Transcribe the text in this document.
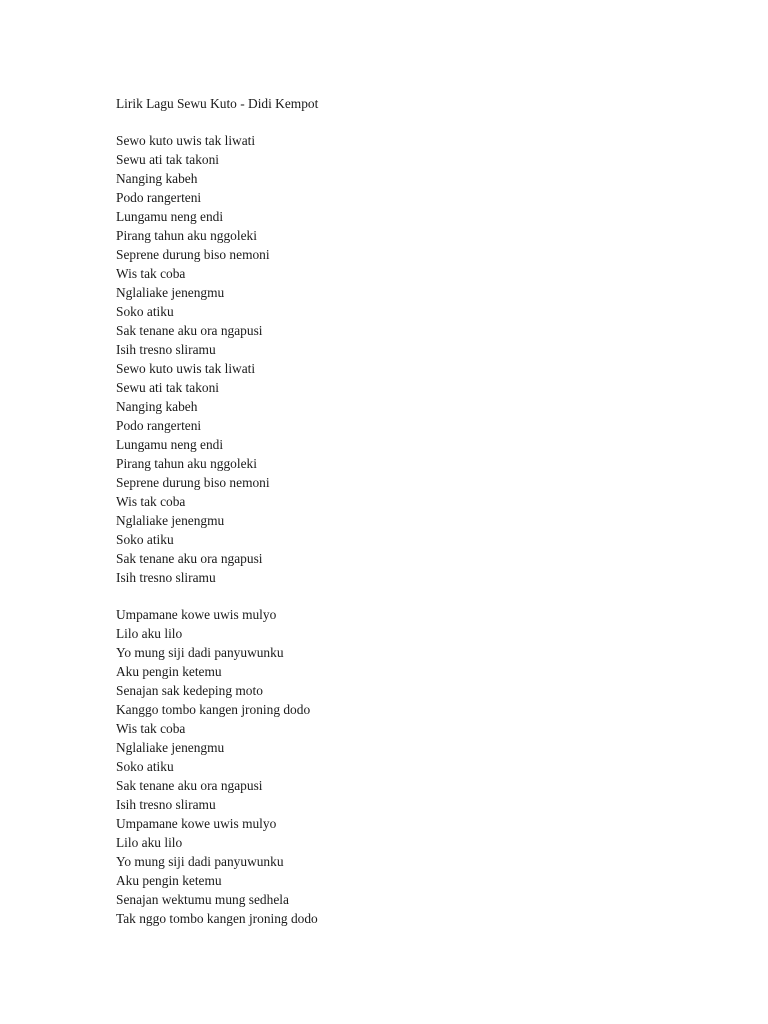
Lirik Lagu Sewu Kuto - Didi Kempot

Sewo kuto uwis tak liwati
Sewu ati tak takoni
Nanging kabeh
Podo rangerteni
Lungamu neng endi
Pirang tahun aku nggoleki
Seprene durung biso nemoni
Wis tak coba
Nglaliake jenengmu
Soko atiku
Sak tenane aku ora ngapusi
Isih tresno sliramu
Sewo kuto uwis tak liwati
Sewu ati tak takoni
Nanging kabeh
Podo rangerteni
Lungamu neng endi
Pirang tahun aku nggoleki
Seprene durung biso nemoni
Wis tak coba
Nglaliake jenengmu
Soko atiku
Sak tenane aku ora ngapusi
Isih tresno sliramu
Umpamane kowe uwis mulyo
Lilo aku lilo
Yo mung siji dadi panyuwunku
Aku pengin ketemu
Senajan sak kedeping moto
Kanggo tombo kangen jroning dodo
Wis tak coba
Nglaliake jenengmu
Soko atiku
Sak tenane aku ora ngapusi
Isih tresno sliramu
Umpamane kowe uwis mulyo
Lilo aku lilo
Yo mung siji dadi panyuwunku
Aku pengin ketemu
Senajan wektumu mung sedhela
Tak nggo tombo kangen jroning dodo
